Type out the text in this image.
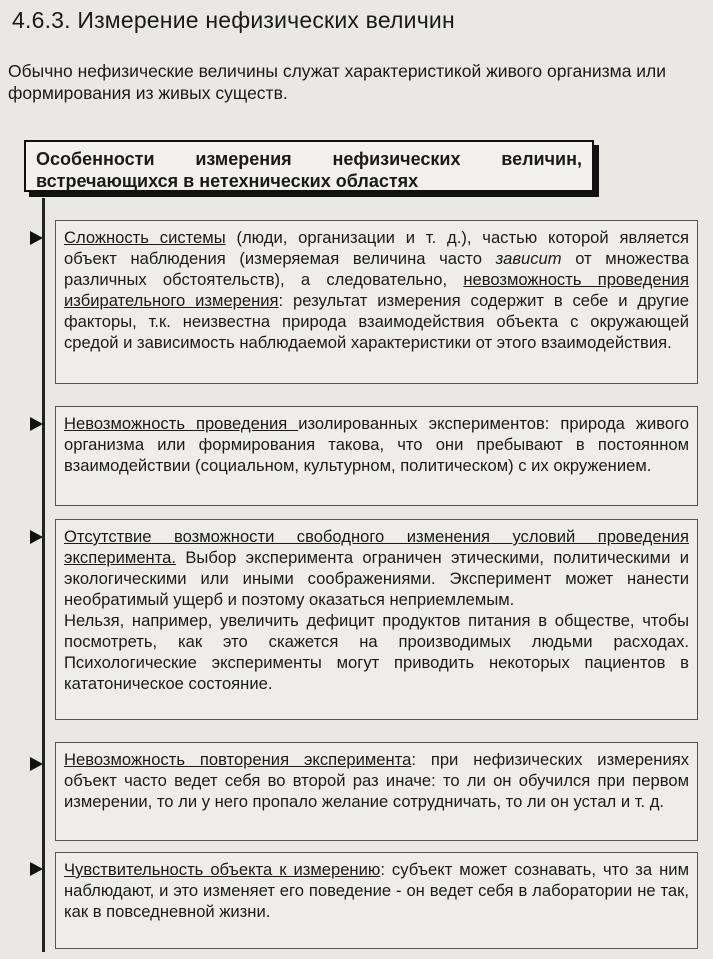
4.6.3. Измерение нефизических величин
Обычно нефизические величины служат характеристикой живого организма или формирования из живых существ.
Особенности измерения нефизических величин, встречающихся в нетехнических областях

Сложность системы (люди, организации и т. д.), частью которой является объект наблюдения (измеряемая величина часто зависит от множества различных обстоятельств), а следовательно, невозможность проведения избирательного измерения: результат измерения содержит в себе и другие факторы, т.к. неизвестна природа взаимодействия объекта с окружающей средой и зависимость наблюдаемой характеристики от этого взаимодействия.

Невозможность проведения изолированных экспериментов: природа живого организма или формирования такова, что они пребывают в постоянном взаимодействии (социальном, культурном, политическом) с их окружением.

Отсутствие возможности свободного изменения условий проведения эксперимента. Выбор эксперимента ограничен этическими, политическими и экологическими или иными соображениями. Эксперимент может нанести необратимый ущерб и поэтому оказаться неприемлемым.

Нельзя, например, увеличить дефицит продуктов питания в обществе, чтобы посмотреть, как это скажется на производимых людьми расходах. Психологические эксперименты могут приводить некоторых пациентов в кататоническое состояние.

Невозможность повторения эксперимента: при нефизических измерениях объект часто ведет себя во второй раз иначе: то ли он обучился при первом измерении, то ли у него пропало желание сотрудничать, то ли он устал и т. д.

Чувствительность объекта к измерению: субъект может сознавать, что за ним наблюдают, и это изменяет его поведение - он ведет себя в лаборатории не так, как в повседневной жизни.
